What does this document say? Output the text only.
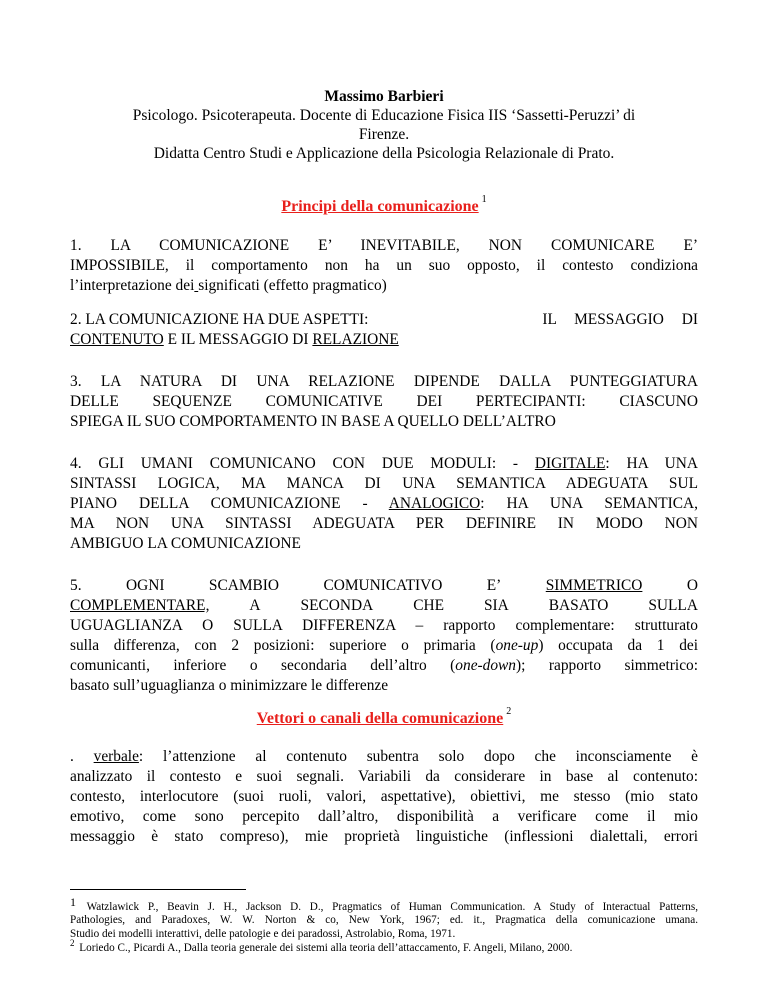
Massimo Barbieri
Psicologo. Psicoterapeuta. Docente di Educazione Fisica IIS ‘Sassetti-Peruzzi’ di
Firenze.
Didatta Centro Studi e Applicazione della Psicologia Relazionale di Prato.
Principi della comunicazione $^1$
1. LA COMUNICAZIONE E’ INEVITABILE, NON COMUNICARE E’
IMPOSSIBILE, il comportamento non ha un suo opposto, il contesto condiziona
l’interpretazione dei significati (effetto pragmatico)
2. LA COMUNICAZIONE HA DUE ASPETTI:	IL MESSAGGIO DI
CONTENUTO E IL MESSAGGIO DI RELAZIONE
3. LA NATURA DI UNA RELAZIONE DIPENDE DALLA PUNTEGGIATURA
DELLE SEQUENZE COMUNICATIVE DEI PERTECIPANTI: CIASCUNO
SPIEGA IL SUO COMPORTAMENTO IN BASE A QUELLO DELL’ALTRO
4. GLI UMANI COMUNICANO CON DUE MODULI: - DIGITALE: HA UNA
SINTASSI LOGICA, MA MANCA DI UNA SEMANTICA ADEGUATA SUL
PIANO DELLA COMUNICAZIONE - ANALOGICO: HA UNA SEMANTICA,
MA NON UNA SINTASSI ADEGUATA PER DEFINIRE IN MODO NON
AMBIGUO LA COMUNICAZIONE
5.	OGNI	SCAMBIO	COMUNICATIVO	E’	SIMMETRICO	O
COMPLEMENTARE,	A	SECONDA	CHE	SIA	BASATO	SULLA
UGUAGLIANZA O SULLA DIFFERENZA – rapporto complementare: strutturato
sulla differenza, con 2 posizioni: superiore o primaria (one-up) occupata da 1 dei
comunicanti, inferiore o secondaria dell’altro (one-down); rapporto simmetrico:
basato sull’uguaglianza o minimizzare le differenze
Vettori o canali della comunicazione $^2$
. verbale: l’attenzione al contenuto subentra solo dopo che inconsciamente è
analizzato il contesto e suoi segnali. Variabili da considerare in base al contenuto:
contesto, interlocutore (suoi ruoli, valori, aspettative), obiettivi, me stesso (mio stato
emotivo, come sono percepito dall’altro, disponibilità a verificare come il mio
messaggio è stato compreso), mie proprietà linguistiche (inflessioni dialettali, errori
$^1$ Watzlawick P., Beavin J. H., Jackson D. D., Pragmatics of Human Communication. A Study of Interactual Patterns,
Pathologies, and Paradoxes, W. W. Norton & co, New York, 1967; ed. it., Pragmatica della comunicazione umana.
Studio dei modelli interattivi, delle patologie e dei paradossi, Astrolabio, Roma, 1971.
$^2$ Loriedo C., Picardi A., Dalla teoria generale dei sistemi alla teoria dell’attaccamento, F. Angeli, Milano, 2000.
